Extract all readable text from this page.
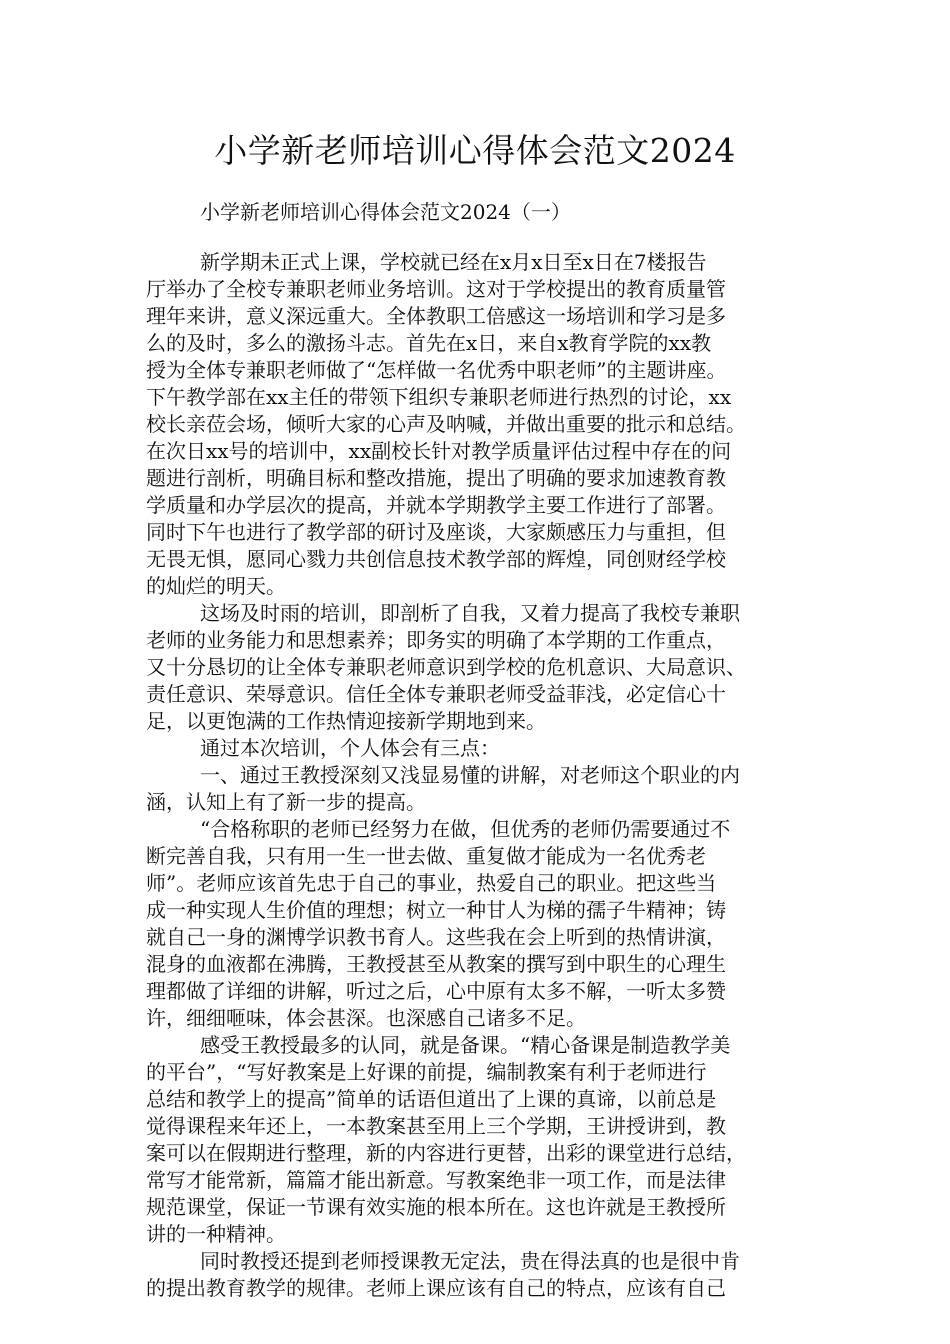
小学新老师培训心得体会范文2024

小学新老师培训心得体会范文2024（一）

新学期未正式上课，学校就已经在x月x日至x日在7楼报告

厅举办了全校专兼职老师业务培训。这对于学校提出的教育质量管

理年来讲，意义深远重大。全体教职工倍感这一场培训和学习是多

么的及时，多么的激扬斗志。首先在x日，来自x教育学院的xx教

授为全体专兼职老师做了“怎样做一名优秀中职老师”的主题讲座。

下午教学部在xx主任的带领下组织专兼职老师进行热烈的讨论，xx

校长亲莅会场，倾听大家的心声及呐喊，并做出重要的批示和总结。

在次日xx号的培训中，xx副校长针对教学质量评估过程中存在的问

题进行剖析，明确目标和整改措施，提出了明确的要求加速教育教

学质量和办学层次的提高，并就本学期教学主要工作进行了部署。

同时下午也进行了教学部的研讨及座谈，大家颇感压力与重担，但

无畏无惧，愿同心戮力共创信息技术教学部的辉煌，同创财经学校

的灿烂的明天。

这场及时雨的培训，即剖析了自我，又着力提高了我校专兼职

老师的业务能力和思想素养；即务实的明确了本学期的工作重点，

又十分恳切的让全体专兼职老师意识到学校的危机意识、大局意识、

责任意识、荣辱意识。信任全体专兼职老师受益菲浅，必定信心十

足，以更饱满的工作热情迎接新学期地到来。

通过本次培训，个人体会有三点：

一、通过王教授深刻又浅显易懂的讲解，对老师这个职业的内

涵，认知上有了新一步的提高。

“合格称职的老师已经努力在做，但优秀的老师仍需要通过不

断完善自我，只有用一生一世去做、重复做才能成为一名优秀老

师”。老师应该首先忠于自己的事业，热爱自己的职业。把这些当

成一种实现人生价值的理想；树立一种甘人为梯的孺子牛精神；铸

就自己一身的渊博学识教书育人。这些我在会上听到的热情讲演，

混身的血液都在沸腾，王教授甚至从教案的撰写到中职生的心理生

理都做了详细的讲解，听过之后，心中原有太多不解，一听太多赞

许，细细咂味，体会甚深。也深感自己诸多不足。

感受王教授最多的认同，就是备课。“精心备课是制造教学美

的平台”，“写好教案是上好课的前提，编制教案有利于老师进行

总结和教学上的提高”简单的话语但道出了上课的真谛，以前总是

觉得课程来年还上，一本教案甚至用上三个学期，王讲授讲到，教

案可以在假期进行整理，新的内容进行更替，出彩的课堂进行总结，

常写才能常新，篇篇才能出新意。写教案绝非一项工作，而是法律

规范课堂，保证一节课有效实施的根本所在。这也许就是王教授所

讲的一种精神。

同时教授还提到老师授课教无定法，贵在得法真的也是很中肯

的提出教育教学的规律。老师上课应该有自己的特点，应该有自己
